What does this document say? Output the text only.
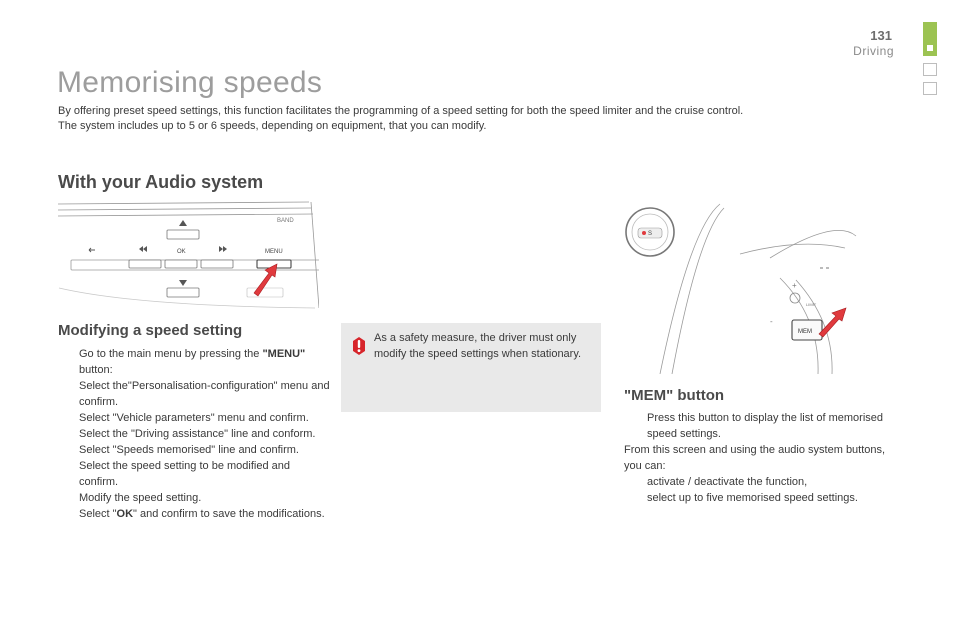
131
Driving
Memorising speeds

By offering preset speed settings, this function facilitates the programming of a speed setting for both the speed limiter and the cruise control.

The system includes up to 5 or 6 speeds, depending on equipment, that you can modify.

With your Audio system
OK	MENU
BAND
S
+
-
LIMIT
MEM
Modifying a speed setting
Go to the main menu by pressing the "MENU" button:
Select the"Personalisation-configuration" menu and confirm.
Select "Vehicle parameters" menu and confirm.
Select the "Driving assistance" line and conform.
Select "Speeds memorised" line and confirm.
Select the speed setting to be modified and confirm.
Modify the speed setting.
Select "OK" and confirm to save the modifications.

As a safety measure, the driver must only modify the speed settings when stationary.

"MEM" button
Press this button to display the list of memorised speed settings.

From this screen and using the audio system buttons, you can:

activate / deactivate the function,
select up to five memorised speed settings.
